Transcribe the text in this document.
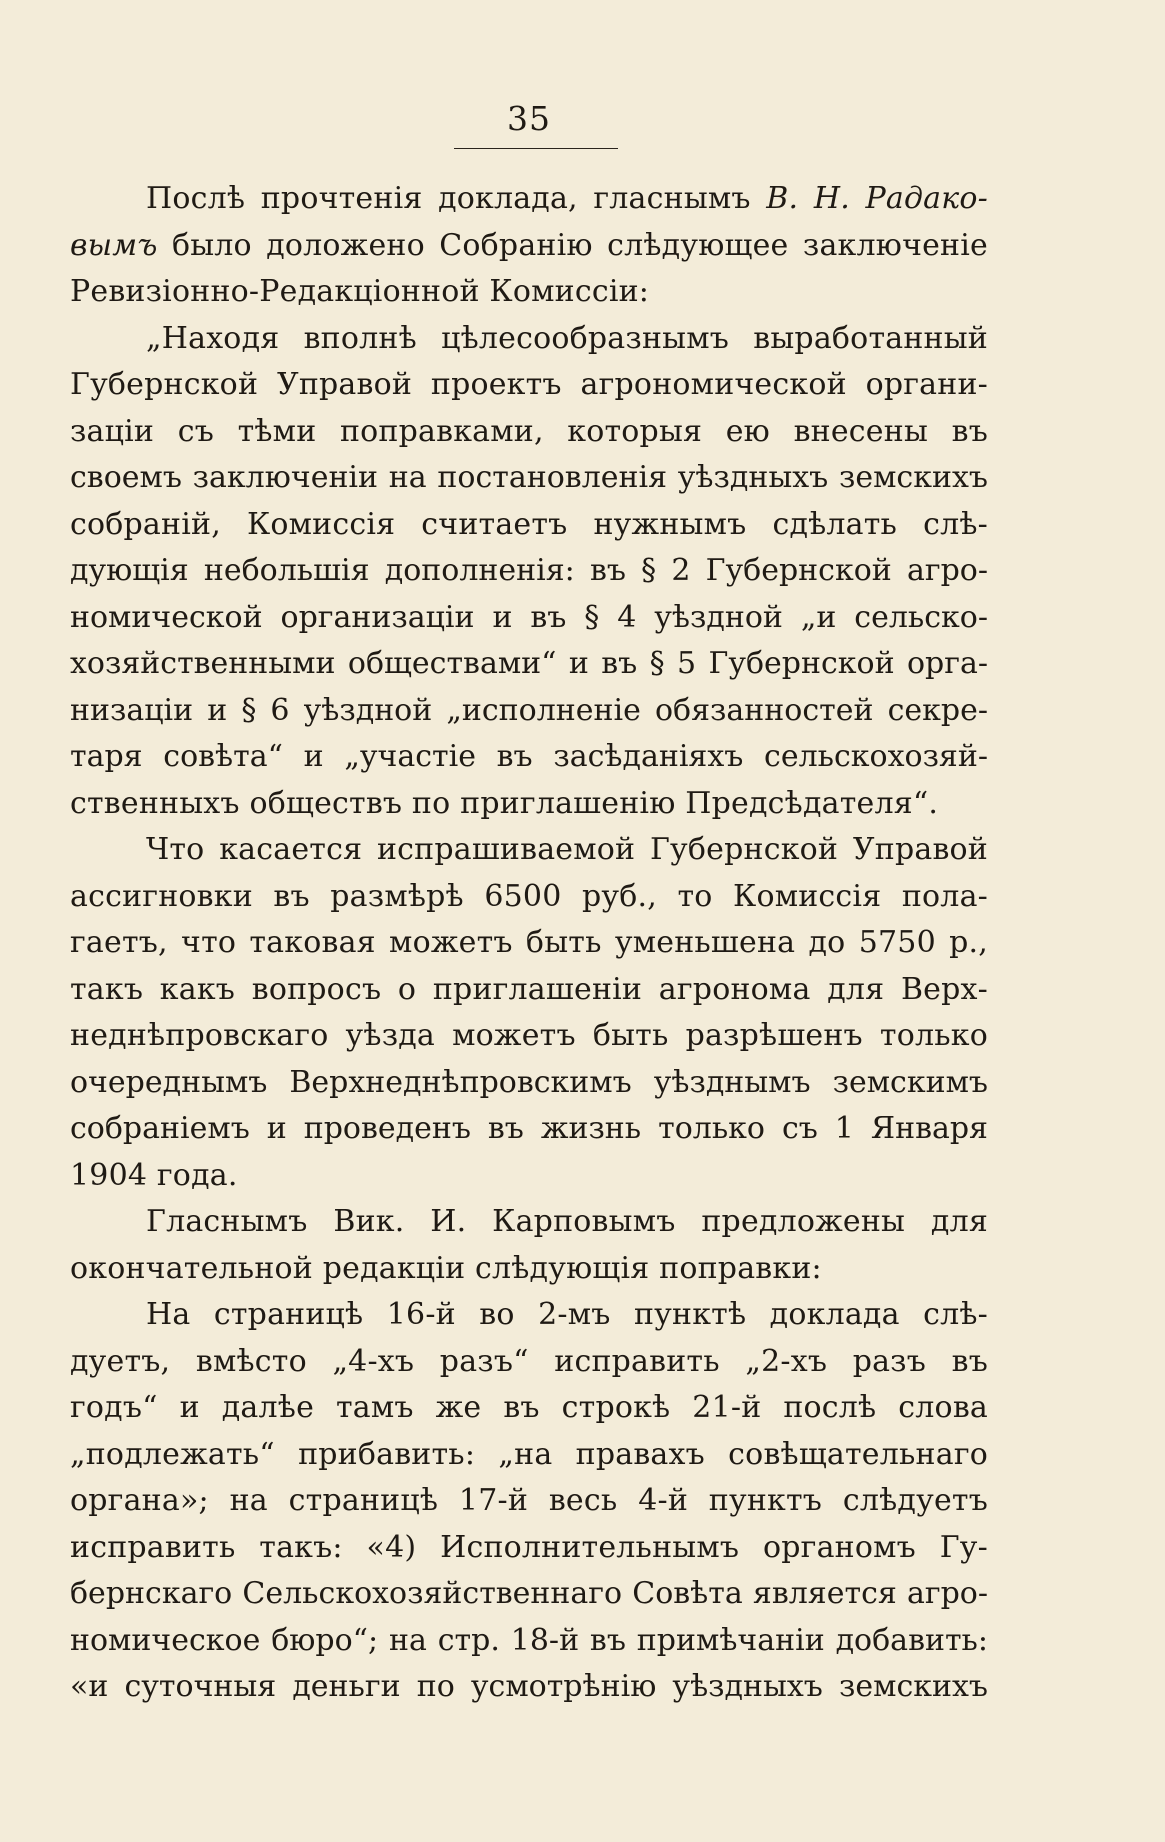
35
Послѣ прочтенія доклада, гласнымъ В. Н. Радако-
вымъ было доложено Собранію слѣдующее заключеніе
Ревизіонно-Редакціонной Комиссіи:
„Находя вполнѣ цѣлесообразнымъ выработанный
Губернской Управой проектъ агрономической органи-
заціи съ тѣми поправками, которыя ею внесены въ
своемъ заключеніи на постановленія уѣздныхъ земскихъ
собраній, Комиссія считаетъ нужнымъ сдѣлать слѣ-
дующія небольшія дополненія: въ § 2 Губернской агро-
номической организаціи и въ § 4 уѣздной „и сельско-
хозяйственными обществами“ и въ § 5 Губернской орга-
низаціи и § 6 уѣздной „исполненіе обязанностей секре-
таря совѣта“ и „участіе въ засѣданіяхъ сельскохозяй-
ственныхъ обществъ по приглашенію Предсѣдателя“.
Что касается испрашиваемой Губернской Управой
ассигновки въ размѣрѣ 6500 руб., то Комиссія пола-
гаетъ, что таковая можетъ быть уменьшена до 5750 р.,
такъ какъ вопросъ о приглашеніи агронома для Верх-
неднѣпровскаго уѣзда можетъ быть разрѣшенъ только
очереднымъ Верхнеднѣпровскимъ уѣзднымъ земскимъ
собраніемъ и проведенъ въ жизнь только съ 1 Января
1904 года.
Гласнымъ Вик. И. Карповымъ предложены для
окончательной редакціи слѣдующія поправки:
На страницѣ 16-й во 2-мъ пунктѣ доклада слѣ-
дуетъ, вмѣсто „4-хъ разъ“ исправить „2-хъ разъ въ
годъ“ и далѣе тамъ же въ строкѣ 21-й послѣ слова
„подлежать“ прибавить: „на правахъ совѣщательнаго
органа»; на страницѣ 17-й весь 4-й пунктъ слѣдуетъ
исправить такъ: «4) Исполнительнымъ органомъ Гу-
бернскаго Сельскохозяйственнаго Совѣта является агро-
номическое бюро“; на стр. 18-й въ примѣчаніи добавить:
«и суточныя деньги по усмотрѣнію уѣздныхъ земскихъ
